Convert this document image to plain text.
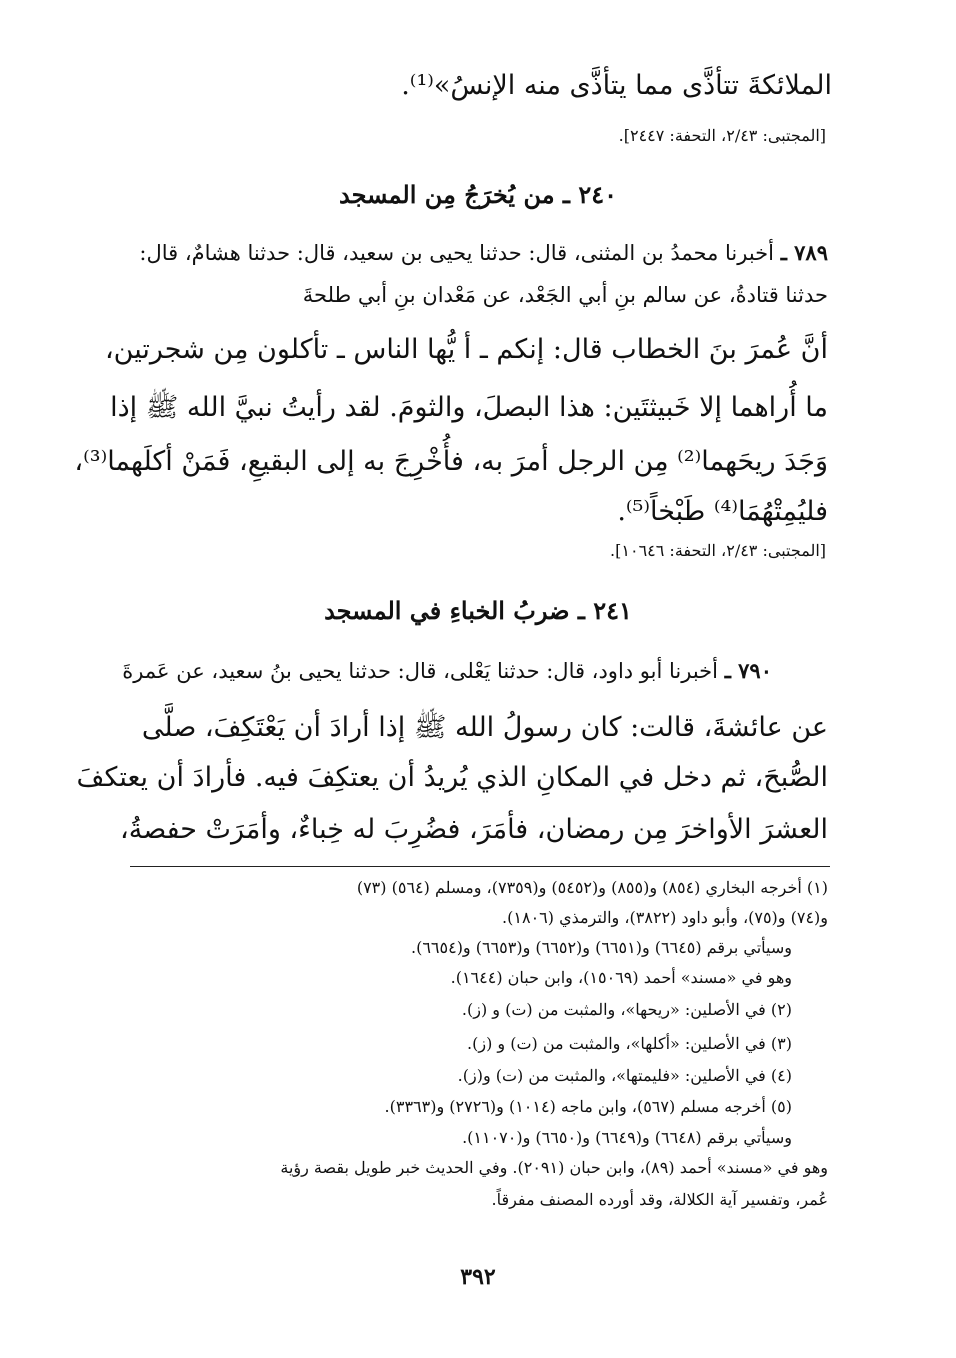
الملائكةَ تتأذَّى مما يتأذَّى منه الإنسُ»⁽¹⁾.
[المجتبى: ٢/٤٣، التحفة: ٢٤٤٧].
٢٤٠ ـ من يُخرَجُ مِن المسجد
٧٨٩ ـ أخبرنا محمدُ بن المثنى، قال: حدثنا يحيى بن سعيد، قال: حدثنا هشامٌ، قال:
حدثنا قتادةُ، عن سالم بنِ أبي الجَعْد، عن مَعْدان بنِ أبي طلحةَ
أنَّ عُمرَ بنَ الخطاب قال: إنكم ـ أ يُّها الناس ـ تأكلون مِن شجرتين،
ما أُراهما إلا خَبيثتَين: هذا البصلَ، والثومَ. لقد رأيتُ نبيَّ الله ﷺ إذا
وَجَدَ ريحَهما⁽²⁾ مِن الرجل أمرَ به، فأُخْرِجَ به إلى البقيعِ، فَمَنْ أكلَهما⁽³⁾،
فليُمِتْهُمَا⁽⁴⁾ طَبْخاً⁽⁵⁾.
[المجتبى: ٢/٤٣، التحفة: ١٠٦٤٦].
٢٤١ ـ ضربُ الخباءِ في المسجد
٧٩٠ ـ أخبرنا أبو داود، قال: حدثنا يَعْلى، قال: حدثنا يحيى بنُ سعيد، عن عَمرةَ
عن عائشةَ، قالت: كان رسولُ الله ﷺ إذا أرادَ أن يَعْتَكِفَ، صلَّى
الصُّبحَ، ثم دخل في المكانِ الذي يُريدُ أن يعتكِفَ فيه. فأرادَ أن يعتكفَ
العشرَ الأواخرَ مِن رمضان، فأمَرَ، فضُرِبَ له خِباءٌ، وأمَرَتْ حفصةُ،
(١) أخرجه البخاري (٨٥٤) و(٨٥٥) و(٥٤٥٢) و(٧٣٥٩)، ومسلم (٥٦٤) (٧٣)
و(٧٤) و(٧٥)، وأبو داود (٣٨٢٢)، والترمذي (١٨٠٦).
وسيأتي برقم (٦٦٤٥) و(٦٦٥١) و(٦٦٥٢) و(٦٦٥٣) و(٦٦٥٤).
وهو في «مسند» أحمد (١٥٠٦٩)، وابن حبان (١٦٤٤).
(٢) في الأصلين: «ريحها»، والمثبت من (ت) و (ز).
(٣) في الأصلين: «أكلها»، والمثبت من (ت) و (ز).
(٤) في الأصلين: «فليمتها»، والمثبت من (ت) و(ز).
(٥) أخرجه مسلم (٥٦٧)، وابن ماجه (١٠١٤) و(٢٧٢٦) و(٣٣٦٣).
وسيأتي برقم (٦٦٤٨) و(٦٦٤٩) و(٦٦٥٠) و(١١٠٧٠).
وهو في «مسند» أحمد (٨٩)، وابن حبان (٢٠٩١). وفي الحديث خبر طويل بقصة رؤية
عُمر، وتفسير آية الكلالة، وقد أورده المصنف مفرقاً.
٣٩٢
